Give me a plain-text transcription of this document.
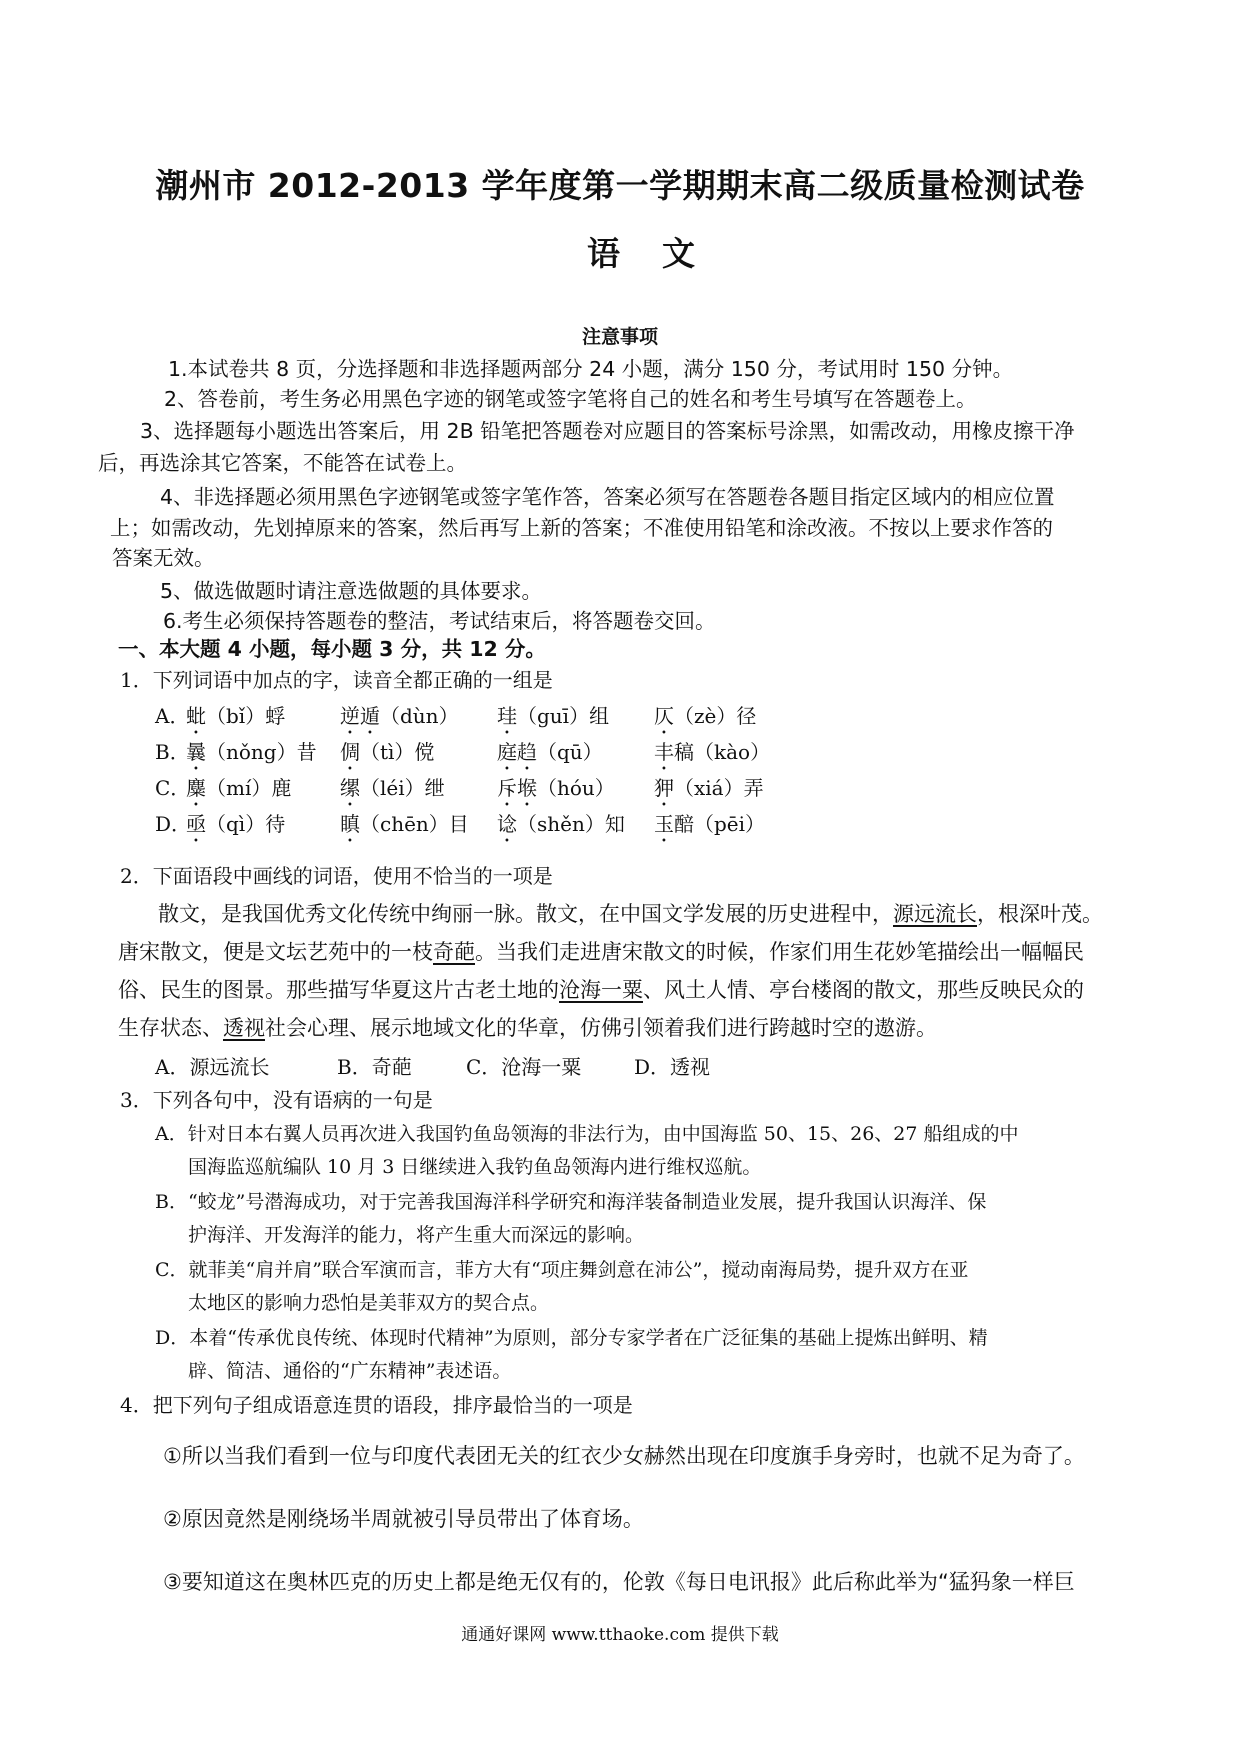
潮州市 2012-2013 学年度第一学期期末高二级质量检测试卷
语文
注意事项
1.本试卷共 8 页，分选择题和非选择题两部分 24 小题，满分 150 分，考试用时 150 分钟。
2、答卷前，考生务必用黑色字迹的钢笔或签字笔将自己的姓名和考生号填写在答题卷上。
3、选择题每小题选出答案后，用 2B 铅笔把答题卷对应题目的答案标号涂黑，如需改动，用橡皮擦干净
后，再选涂其它答案，不能答在试卷上。
4、非选择题必须用黑色字迹钢笔或签字笔作答，答案必须写在答题卷各题目指定区域内的相应位置
上；如需改动，先划掉原来的答案，然后再写上新的答案；不准使用铅笔和涂改液。不按以上要求作答的
答案无效。
5、做选做题时请注意选做题的具体要求。
6.考生必须保持答题卷的整洁，考试结束后，将答题卷交回。
一、本大题 4 小题，每小题 3 分，共 12 分。
1．下列词语中加点的字，读音全都正确的一组是
A．
蚍（bǐ）蜉	逆遁（dùn） 珪（guī）组 仄（zè）径
B．
曩（nǒng）昔 倜（tì）傥	庭趋（qū）	丰稿（kào）
C．
麋（mí）鹿 缧（léi）绁	斥堠（hóu） 狎（xiá）弄
D．
亟（qì）待	瞋（chēn）目 谂（shěn）知 玉醅（pēi）
2．下面语段中画线的词语，使用不恰当的一项是
散文，是我国优秀文化传统中绚丽一脉。散文，在中国文学发展的历史进程中，源远流长，根深叶茂。
唐宋散文，便是文坛艺苑中的一枝奇葩。当我们走进唐宋散文的时候，作家们用生花妙笔描绘出一幅幅民
俗、民生的图景。那些描写华夏这片古老土地的沧海一粟、风土人情、亭台楼阁的散文，那些反映民众的
生存状态、透视社会心理、展示地域文化的华章，仿佛引领着我们进行跨越时空的遨游。
A．源远流长	B．奇葩	C．沧海一粟	D．透视
3．下列各句中，没有语病的一句是
A．针对日本右翼人员再次进入我国钓鱼岛领海的非法行为，由中国海监 50、15、26、27 船组成的中
国海监巡航编队 10 月 3 日继续进入我钓鱼岛领海内进行维权巡航。
B．“蛟龙”号潜海成功，对于完善我国海洋科学研究和海洋装备制造业发展，提升我国认识海洋、保
护海洋、开发海洋的能力，将产生重大而深远的影响。
C．就菲美“肩并肩”联合军演而言，菲方大有“项庄舞剑意在沛公”，搅动南海局势，提升双方在亚
太地区的影响力恐怕是美菲双方的契合点。
D．本着“传承优良传统、体现时代精神”为原则，部分专家学者在广泛征集的基础上提炼出鲜明、精
辟、简洁、通俗的“广东精神”表述语。
4．把下列句子组成语意连贯的语段，排序最恰当的一项是
①所以当我们看到一位与印度代表团无关的红衣少女赫然出现在印度旗手身旁时，也就不足为奇了。
②原因竟然是刚绕场半周就被引导员带出了体育场。
③要知道这在奥林匹克的历史上都是绝无仅有的，伦敦《每日电讯报》此后称此举为“猛犸象一样巨
通通好课网 www.tthaoke.com 提供下载
